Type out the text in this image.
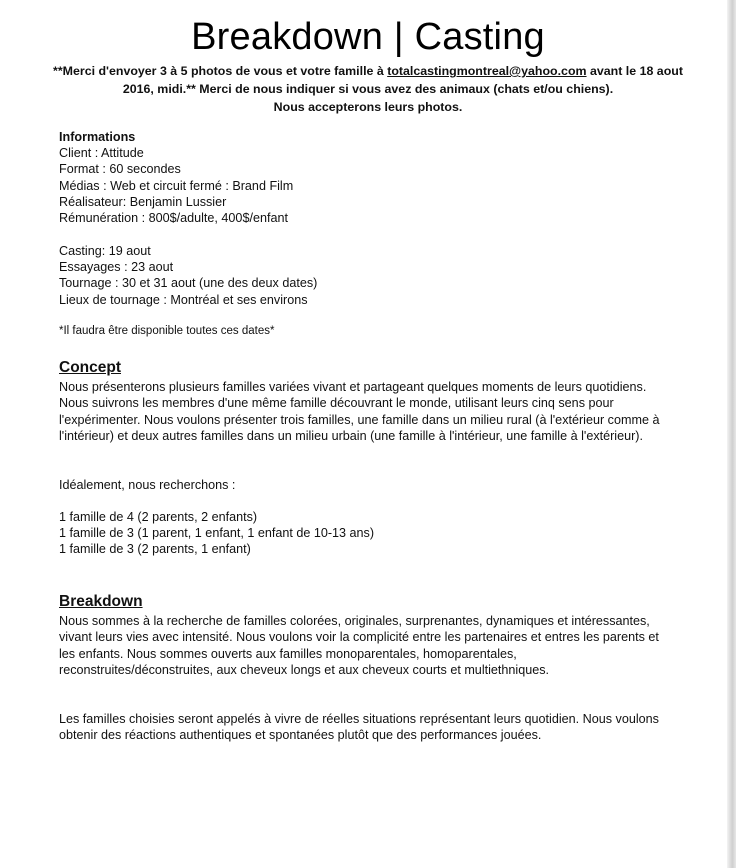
Breakdown | Casting
**Merci d'envoyer 3 à 5 photos de vous et votre famille à totalcastingmontreal@yahoo.com avant le 18 aout 2016, midi.** Merci de nous indiquer si vous avez des animaux (chats et/ou chiens).
Nous accepterons leurs photos.
Informations
Client : Attitude
Format : 60 secondes
Médias : Web et circuit fermé : Brand Film
Réalisateur: Benjamin Lussier
Rémunération : 800$/adulte, 400$/enfant
Casting: 19 aout
Essayages : 23 aout
Tournage : 30 et 31 aout (une des deux dates)
Lieux de tournage : Montréal et ses environs
*Il faudra être disponible toutes ces dates*
Concept
Nous présenterons plusieurs familles variées vivant et partageant quelques moments de leurs quotidiens. Nous suivrons les membres d'une même famille découvrant le monde, utilisant leurs cinq sens pour l'expérimenter. Nous voulons présenter trois familles, une famille dans un milieu rural (à l'extérieur comme à l'intérieur) et deux autres familles dans un milieu urbain (une famille à l'intérieur, une famille à l'extérieur).
Idéalement, nous recherchons :
1 famille de 4 (2 parents, 2 enfants)
1 famille de 3 (1 parent, 1 enfant, 1 enfant de 10-13 ans)
1 famille de 3 (2 parents, 1 enfant)
Breakdown
Nous sommes à la recherche de familles colorées, originales, surprenantes, dynamiques et intéressantes, vivant leurs vies avec intensité. Nous voulons voir la complicité entre les partenaires et entres les parents et les enfants. Nous sommes ouverts aux familles monoparentales, homoparentales, reconstruites/déconstruites, aux cheveux longs et aux cheveux courts et multiethniques.
Les familles choisies seront appelés à vivre de réelles situations représentant leurs quotidien. Nous voulons obtenir des réactions authentiques et spontanées plutôt que des performances jouées.
